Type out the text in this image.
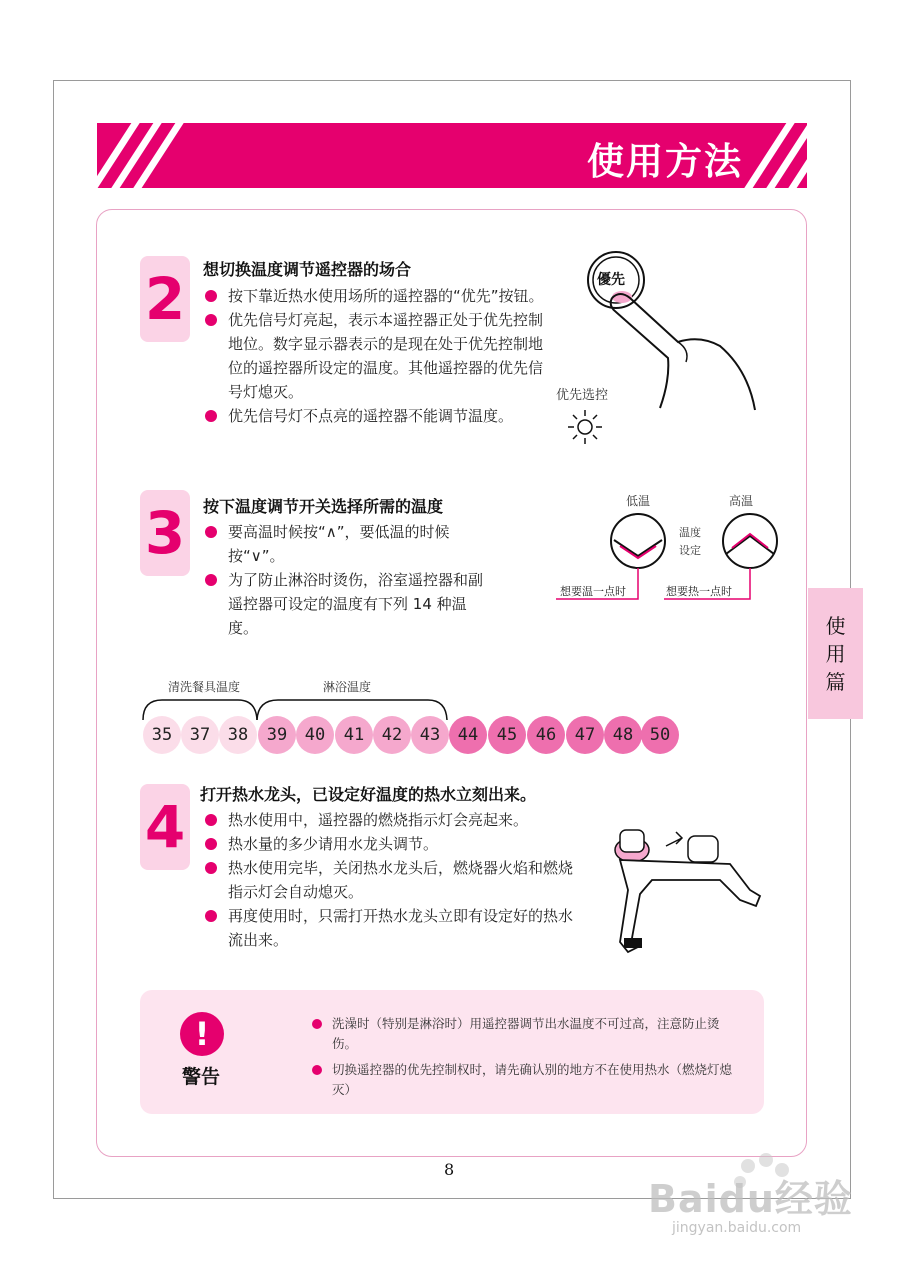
使用方法
2	想切换温度调节遥控器的场合
按下靠近热水使用场所的遥控器的“优先”按钮。
优先信号灯亮起，表示本遥控器正处于优先控制地位。数字显示器表示的是现在处于优先控制地位的遥控器所设定的温度。其他遥控器的优先信号灯熄灭。
优先信号灯不点亮的遥控器不能调节温度。
優先
优先选控
3	按下温度调节开关选择所需的温度
要高温时候按“∧”，要低温的时候按“∨”。
为了防止淋浴时烫伤，浴室遥控器和副遥控器可设定的温度有下列 14 种温度。
低温	高温
温度
设定
想要温一点时	想要热一点时
清洗餐具温度	淋浴温度
35	37	38	39	40	41	42	43	44	45	46	47	48 50
4 打开热水龙头，已设定好温度的热水立刻出来。
热水使用中，遥控器的燃烧指示灯会亮起来。
热水量的多少请用水龙头调节。
热水使用完毕，关闭热水龙头后，燃烧器火焰和燃烧指示灯会自动熄灭。
再度使用时，只需打开热水龙头立即有设定好的热水流出来。
!
警告
洗澡时（特别是淋浴时）用遥控器调节出水温度不可过高，注意防止烫伤。
切换遥控器的优先控制权时，请先确认别的地方不在使用热水（燃烧灯熄灭）
使
用
篇
8
Baidu经验
jingyan.baidu.com
